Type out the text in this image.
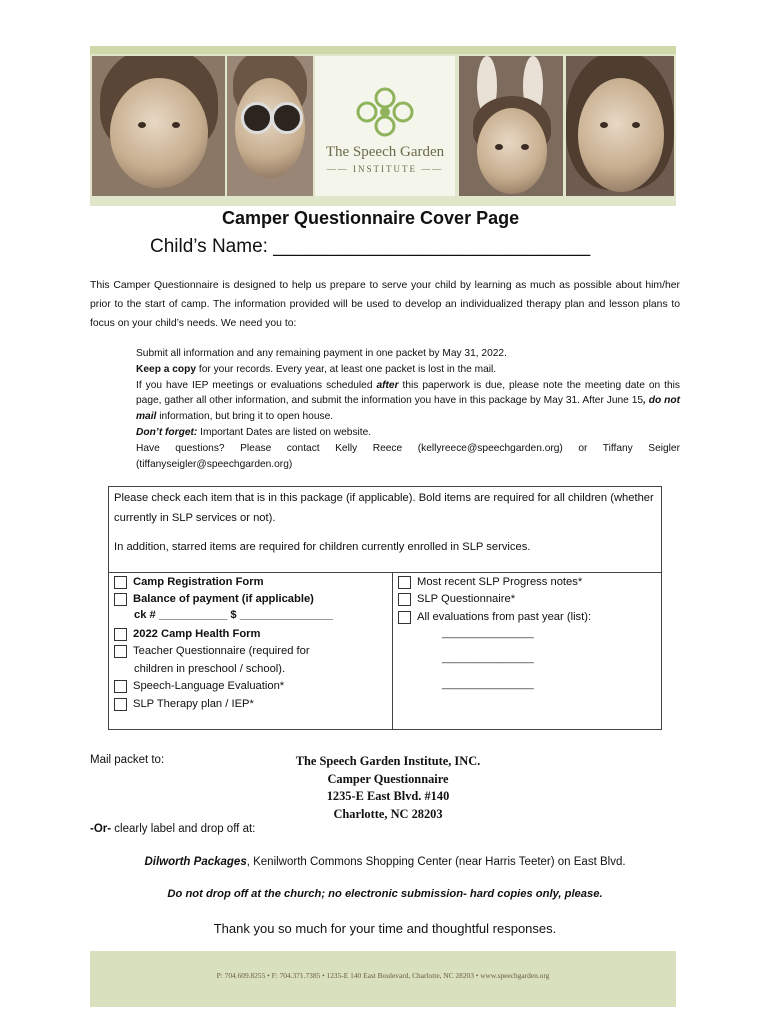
The Speech Garden
—— INSTITUTE ——
Camper Questionnaire Cover Page
Child’s Name: ______________________________
This Camper Questionnaire is designed to help us prepare to serve your child by learning as much as possible about him/her prior to the start of camp. The information provided will be used to develop an individualized therapy plan and lesson plans to focus on your child’s needs. We need you to:

Submit all information and any remaining payment in one packet by May 31, 2022.

Keep a copy for your records. Every year, at least one packet is lost in the mail.

If you have IEP meetings or evaluations scheduled after this paperwork is due, please note the meeting date on this page, gather all other information, and submit the information you have in this package by May 31. After June 15, do not mail information, but bring it to open house.

Don’t forget: Important Dates are listed on website.

Have questions? Please contact Kelly Reece (kellyreece@speechgarden.org) or Tiffany Seigler (tiffanyseigler@speechgarden.org)

Please check each item that is in this package (if applicable). Bold items are required for all children (whether currently in SLP services or not).
In addition, starred items are required for children currently enrolled in SLP services.
Camp Registration Form
Balance of payment (if applicable)
ck # ___________ $ _______________
2022 Camp Health Form
Teacher Questionnaire (required for
children in preschool / school).
Speech-Language Evaluation*
SLP Therapy plan / IEP*
Most recent SLP Progress notes*
SLP Questionnaire*
All evaluations from past year (list):
_______________
_______________
_______________
Mail packet to:	The Speech Garden Institute, INC.

Camper Questionnaire

1235-E East Blvd. #140

Charlotte, NC 28203

-Or- clearly label and drop off at:
Dilworth Packages, Kenilworth Commons Shopping Center (near Harris Teeter) on East Blvd.
Do not drop off at the church; no electronic submission- hard copies only, please.
Thank you so much for your time and thoughtful responses.
P: 704.609.8255 • F: 704.371.7385 • 1235-E 140 East Boulevard, Charlotte, NC 28203 • www.speechgarden.org
